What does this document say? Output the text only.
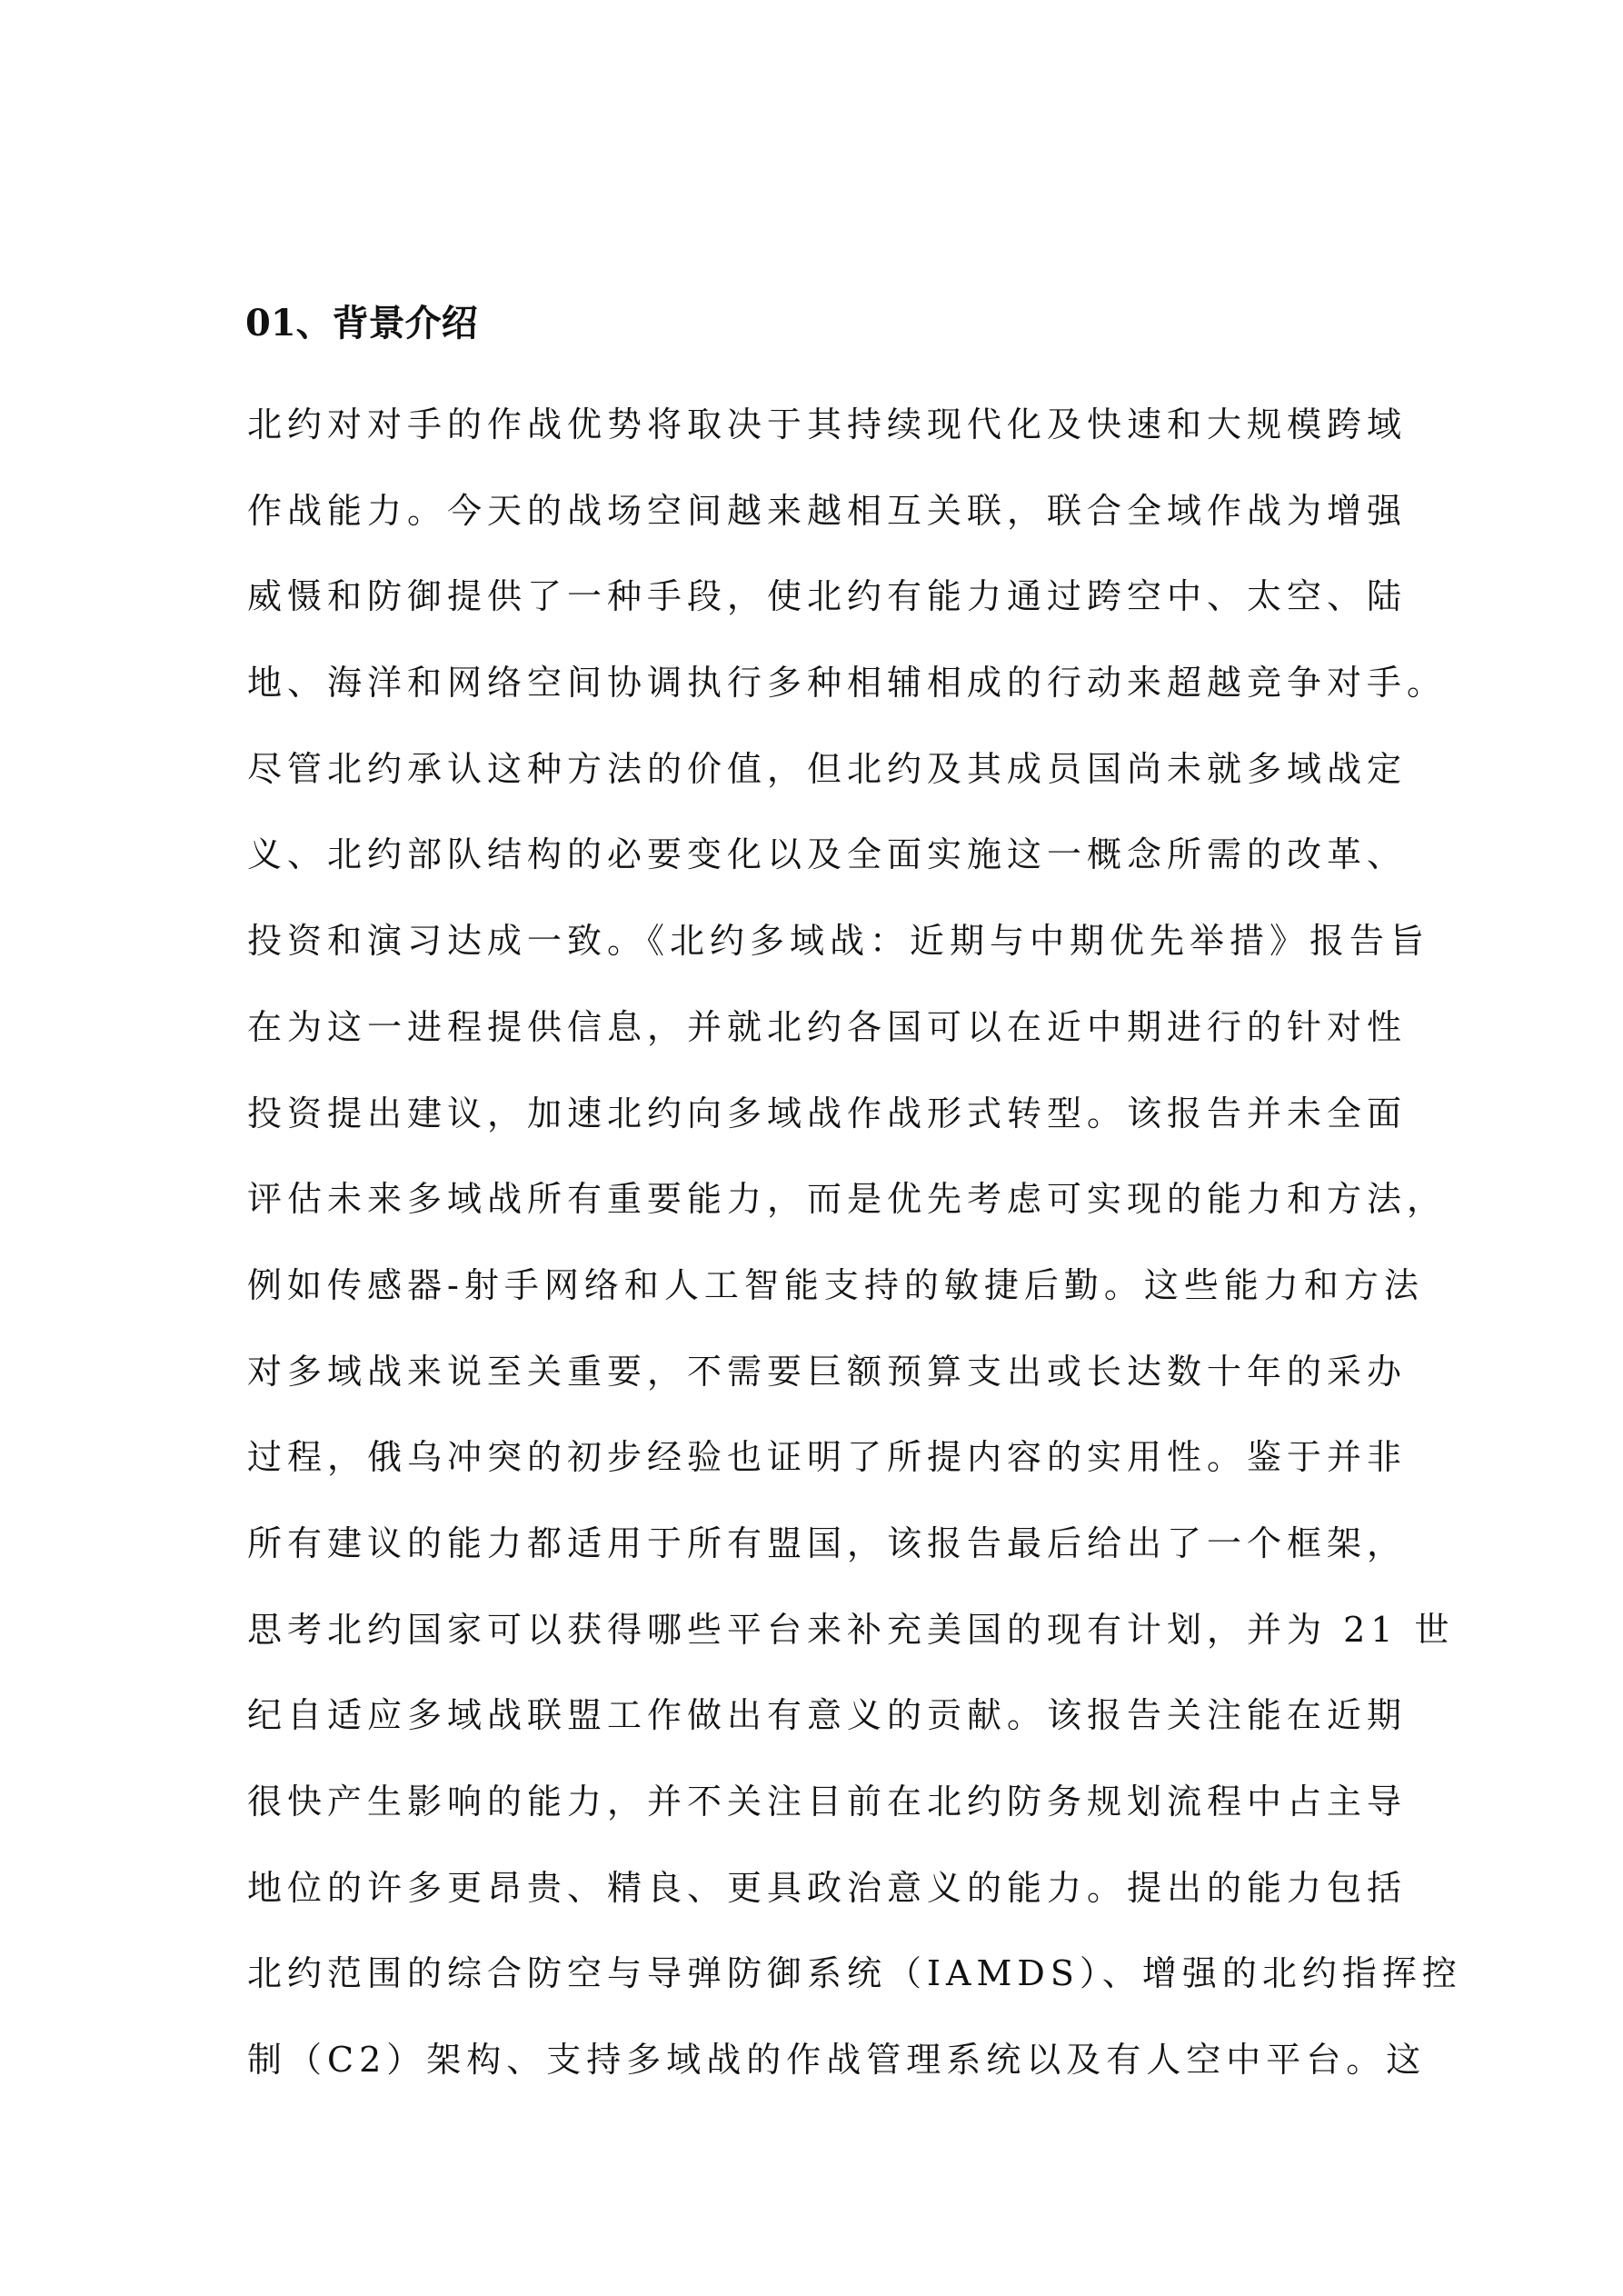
01、背景介绍
北约对对手的作战优势将取决于其持续现代化及快速和大规模跨域
作战能力。今天的战场空间越来越相互关联，联合全域作战为增强
威慑和防御提供了一种手段，使北约有能力通过跨空中、太空、陆
地、海洋和网络空间协调执行多种相辅相成的行动来超越竞争对手。
尽管北约承认这种方法的价值，但北约及其成员国尚未就多域战定
义、北约部队结构的必要变化以及全面实施这一概念所需的改革、
投资和演习达成一致。《北约多域战：近期与中期优先举措》报告旨
在为这一进程提供信息，并就北约各国可以在近中期进行的针对性
投资提出建议，加速北约向多域战作战形式转型。该报告并未全面
评估未来多域战所有重要能力，而是优先考虑可实现的能力和方法，
例如传感器-射手网络和人工智能支持的敏捷后勤。这些能力和方法
对多域战来说至关重要，不需要巨额预算支出或长达数十年的采办
过程，俄乌冲突的初步经验也证明了所提内容的实用性。鉴于并非
所有建议的能力都适用于所有盟国，该报告最后给出了一个框架，
思考北约国家可以获得哪些平台来补充美国的现有计划，并为 21 世
纪自适应多域战联盟工作做出有意义的贡献。该报告关注能在近期
很快产生影响的能力，并不关注目前在北约防务规划流程中占主导
地位的许多更昂贵、精良、更具政治意义的能力。提出的能力包括
北约范围的综合防空与导弹防御系统（IAMDS）、增强的北约指挥控
制（C2）架构、支持多域战的作战管理系统以及有人空中平台。这
